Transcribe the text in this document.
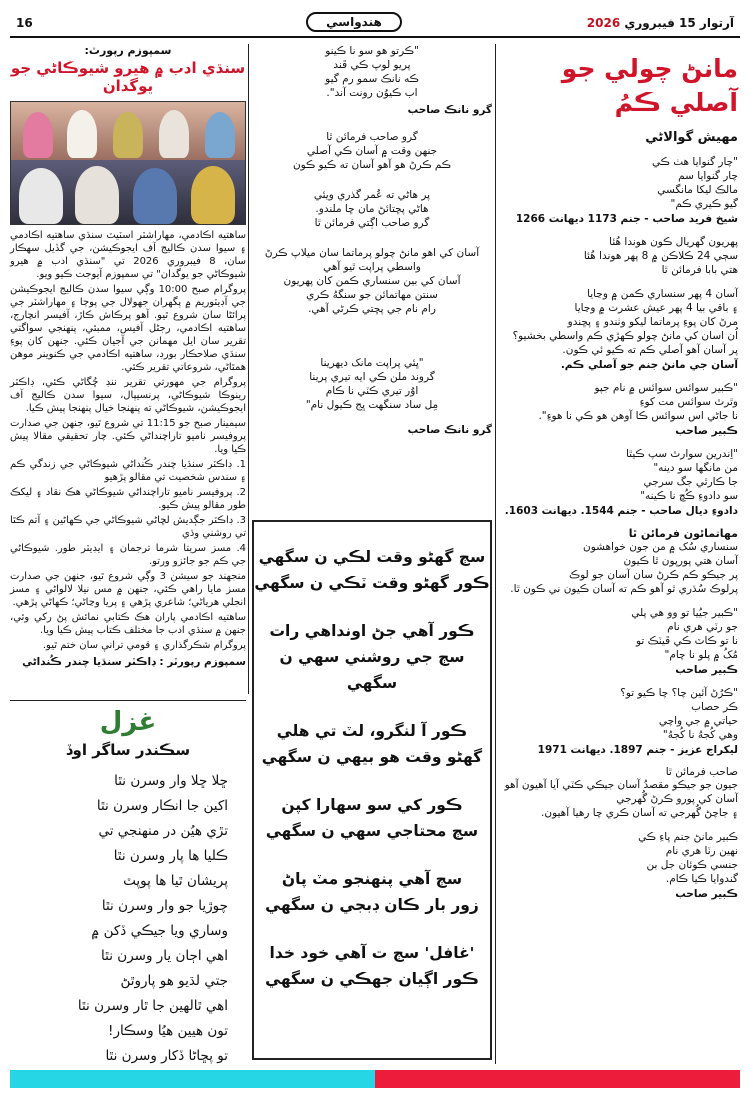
16	هندواسي	آرتوار 15 فيبروري 2026
مانڻ چولي جو آصلي ڪمُ
مهيش گوالاڻي

"چار گنوايا هٺ ڪي

چار گنوايا سم

مالڪ ليکا مانگسي

گيو ڪيري ڪم"

شيخ فريد صاحب - جنم 1173 ديهانت 1266

پهريون گهريال ڪون هوندا هُئا

سڄي 24 ڪلاڪن ۾ 8 پهر هوندا هُئا

هتي بابا فرمائن ٿا

آسان 4 پهر سنساري ڪمن ۾ وڃايا

۽ باقي بيا 4 پهر عيش عشرت ۾ وڃايا

مرڻ کان پوءِ پرماتما ليکو وٺندو ۽ پڇندو

اُن اسان کي مانڻ چولو ڪهڙي ڪم واسطي بخشيو؟

پر آسان آهو آصلي ڪم ته ڪيو ئي ڪون.

آسان جي مانڻ جنم جو آصلي ڪم.

"ڪبير سوائس سوائس ۾ نام جپو

وٿرٿ سوائس مت کوءِ

نا جاڻي اس سوائس ڪا آوهن هو ڪي نا هوءِ".

ڪبير صاحب

"اِندرين سوارٿ سپ ڪيٿا

من مانگها سو دينه"

جا ڪارٿي جگ سرجي

سو دادوءِ ڪُڇ نا ڪينه"

دادوءِ ديال صاحب - جنم 1544. ديهانت 1603.
مهاتمائون فرمائن ٿا

سنساري سُک ۾ من جون خواهشون

آسان هتي پورپون ٿا ڪيون

پر جيڪو ڪم ڪرڻ سان آسان جو لوڪ

پرلوڪ سُڌري ٿو آهو ڪم ته آسان ڪيون ني ڪون ٿا.

"ڪبير جيُيا تو وو هي پلي

جو رٽي هري نام

نا تو ڪاٽ ڪي ڦيٽڪ تو

مُکُ ۾ پلو نا چام"

ڪبير صاحب

"ڪرُڻ آئين چا؟ چا ڪيو تو؟

ڪر حصاب

حياتي ۾ جي واچي

وهي کُجهُ نا کُجهُ"

ليکراج عزيز - جنم 1897. ديهانت 1971
صاحب فرمائن ٿا

جيون جو جيڪو مقصدُ آسان جيڪي ڪٽي آيا آهيون آهو

آسان کي پورو ڪرڻ گُهرجي

۽ جاچڻ گُهرجي ته آسان ڪري چا رهيا آهيون.

ڪبير مانڻ جنم پاءِ ڪي

نهين رٽا هري نام

جنسي ڪوئان جل بن

گندوايا ڪيا ڪام.

ڪبير صاحب

"ڪرتو هو سو نا ڪينو

پريو لوپ ڪي ڦند

ڪه نانڪ سمو رم گيو

اب ڪيوُن رونت آند".

گرو نانڪ صاحب

گرو صاحب فرمائن ٿا

جنهن وقت ۾ آسان ڪي آصلي

ڪم ڪرڻ هو آهو آسان ته ڪيو ڪون

پر هاڻي ته عُمر گذري ويئي

هاڻي پڇتائڻ مان ڇا ملندو.

گرو صاحب اڳتي فرمائن ٿا

آسان کي اهو مانڻ چولو پرماتما سان ميلاپ ڪرڻ

واسطي پراپت ٿيو آهي

آسان کي بين سنساري ڪمن کان پهريون

سنتن مهاتمائن جو سنگهُ ڪري

رام نام جي پڇتي ڪرڻي آهي.

"ڀئي پراپت مانک ديهرينا

گروند ملن ڪي ايه تيري پرينا

اوُر تيري ڪٽي نا ڪام

مِل ساد سنگهت ڀج ڪيول نام"

گرو نانڪ صاحب

سڄ گهڻو وقت لڪي ن سگهي

ڪور گهڻو وقت ٽڪي ن سگهي

ڪور آهي جڻ اونداهي رات

سڄ جي روشني سهي ن سگهي

ڪور آ لنگرو، لٽ تي هلي

گهڻو وقت هو بيهي ن سگهي

ڪور کي سو سهارا کپن

سڄ محتاجي سهي ن سگهي

سڄ آهي پنهنجو مٽ پاڻ

زور بار ڪان ڊبجي ن سگهي

'غافل' سڄ ت آهي خود خدا

ڪور اڳيان جهڪي ن سگهي

سمپوزم رپورٽ:
سنڌي ادب ۾ هيرو شيوڪاڻي جو يوگدان

ساهتيه اڪادمي، مهاراشٽر اسٽيٽ سنڌي ساهتيه اڪادمي ۽ سيوا سدن ڪاليج آف ايجوڪيشن، جي گڏيل سهڪار سان، 8 فيبروري 2026 تي "سنڌي ادب ۾ هيرو شيوڪاڻي جو يوگدان" تي سمپوزم آيوجت ڪيو ويو.

پروگرام صبح 10:00 وڳي سيوا سدن ڪاليج ايجوڪيشن جي آڊيٽوريم ۾ پگهران جهولال جي پوڄا ۽ مهاراشٽر جي پرائڻا سان شروع ٿيو. آهو پرڪاش ڪاڙ، آفيسر انچارج، ساهتيه اڪادمي، رجڻل آفيس، ممبئي، پنهنجي سواگتي تقرير سان ايل مهمانن جي آجيان ڪئي. جنهن کان پوءِ سنڌي صلاحڪار بورڊ، ساهتيه اڪادمي جي ڪنوينر موهن همٿاڻي، شروعاتي تقرير ڪئي.

پروگرام جي مهورتي تقرير ننڊ ڇُگاڻي ڪئي، ڊاڪٽر رينوڪا شيوڪاڻي، پرنسيپال، سيوا سدن ڪاليج آف ايجوڪيشن، شيوڪاڻي ته پنهنجا خيال پنهنجا پيش ڪيا.

سيمينار صبح جو 11:15 تي شروع ٿيو، جنهن جي صدارت پروفيسر ناميو تاراچنداڻي ڪئي. چار تحقيقي مقالا پيش ڪيا ويا.

1. ڊاڪٽر سنڌيا چندر ڪُنداڻي شيوڪاڻي جي زندگي ڪم ۽ سندس شخصيت تي مقالو پڙهيو

2. پروفيسر ناميو تاراچنداڻي شيوڪاڻي هڪ نقاد ۽ ليکڪ طور مقالو پيش ڪيو.

3. ڊاڪٽر جڳديش لڇاڻي شيوڪاڻي جي ڪهاڻين ۽ آتم ڪٿا تي روشني وڌي

4. مسز سريتا شرما ترجمان ۽ ايڊيٽر طور. شيوڪاڻي جي ڪم جو جائزو ورتو.

منجهند جو سيشن 3 وڳي شروع ٿيو، جنهن جي صدارت مسز مايا راهي ڪئي، جنهن ۾ مس نيلا لالواڻي ۽ مسز انجلي هرياڻي؛ شاعري پڙهي ۽ پريا وڃاڻي؛ ڪهاڻي پڙهي.

ساهتيه اڪادمي پاران هڪ ڪتابي نمائش پڻ رکي وئي، جنهن ۾ سنڌي ادب جا مختلف ڪتاب پيش ڪيا ويا.

پروگرام شڪرگذاري ۽ قومي ترانې سان ختم ٿيو.

سمپوزم رپورٽر : ڊاڪٽر سنڌيا چندر ڪُنداڻي
غزل
سڪندر ساگر اوڏ

ڇلا ڇلا وار وسرن نٿا

اکين جا انڪار وسرن نٿا

تڙي هيُن در منهنجي تي

ڪليا ها پار وسرن نٿا

پريشان ٿيا ها پوپٽ

چوڙيا جو وار وسرن نٿا

وساري ويا جيڪي ڏکن ۾

اهي اڄان يار وسرن نٿا

جتي لڌيو هو پاروٿڻ

اهي ٿالهين جا ٿار وسرن نٿا

تون هيين هيُا وسڪار!

تو پڇاڻا ڏکار وسرن نٿا
